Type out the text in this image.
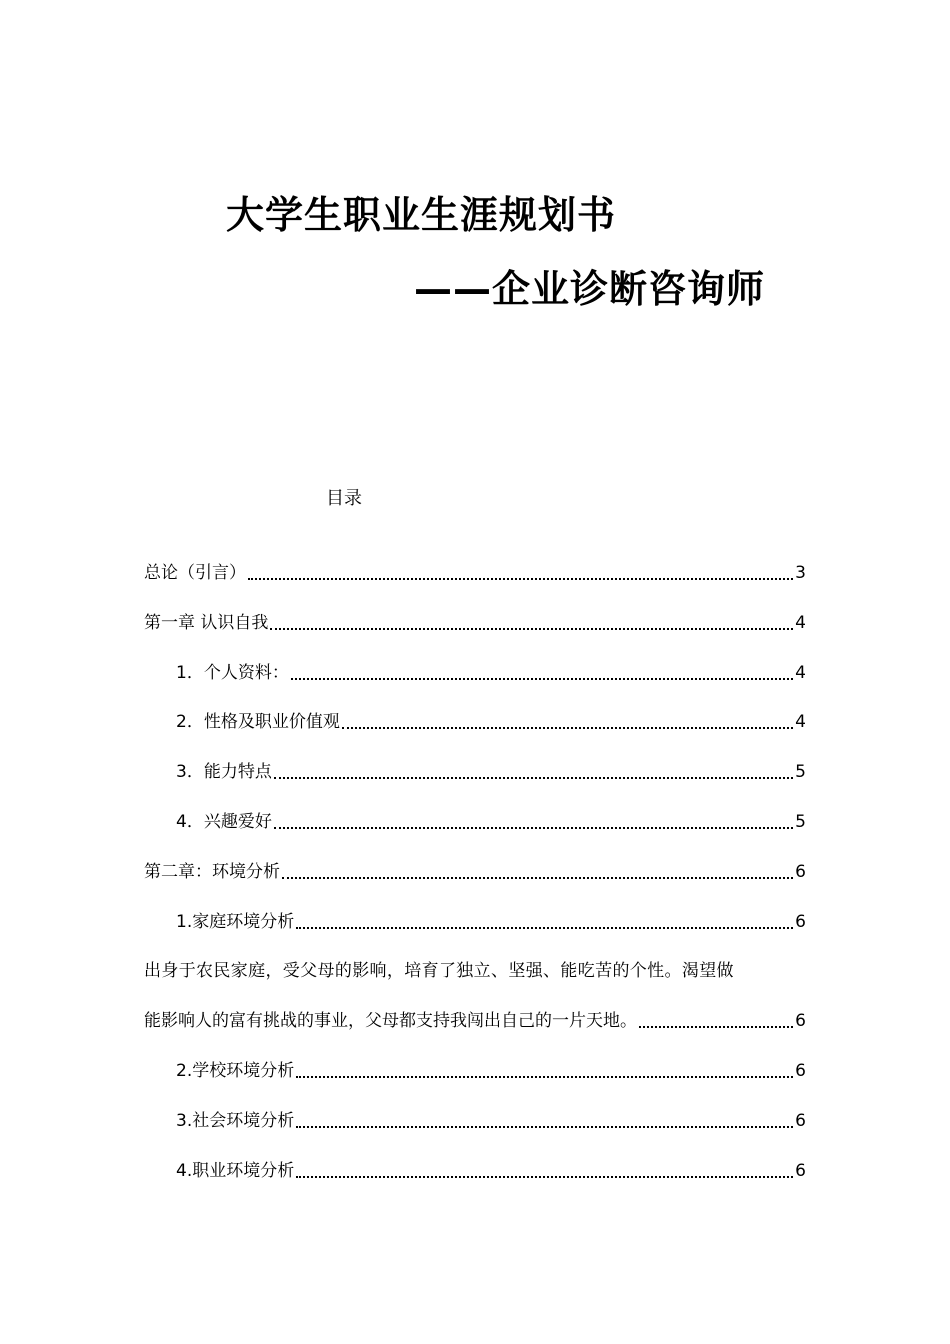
大学生职业生涯规划书
——企业诊断咨询师
目录
总论（引言）	3
第一章 认识自我	4
1．个人资料：	4
2．性格及职业价值观	4
3．能力特点	5
4．兴趣爱好	5
第二章：环境分析	6
1.家庭环境分析	6
出身于农民家庭，受父母的影响，培育了独立、坚强、能吃苦的个性。渴望做
能影响人的富有挑战的事业，父母都支持我闯出自己的一片天地。	6
2.学校环境分析	6
3.社会环境分析	6
4.职业环境分析	6
